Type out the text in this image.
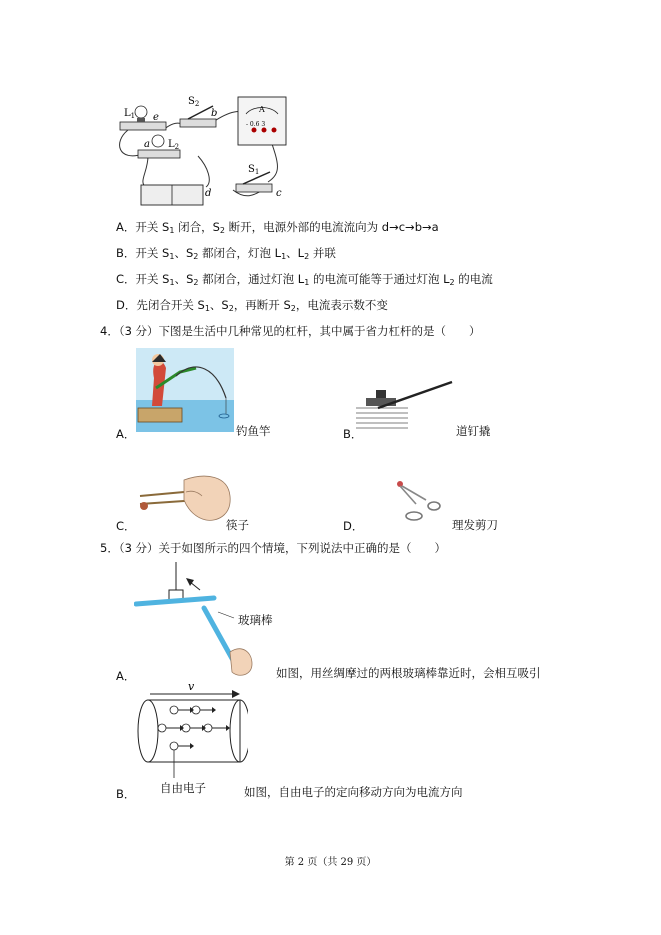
$L_1$ e
$S_2$
b	A
- 0.6 3
a $L_2$
d
$S_1$
c
A．开关 $S_1$ 闭合，$S_2$ 断开，电源外部的电流流向为 d→c→b→a
B．开关 $S_1$、$S_2$ 都闭合，灯泡 $L_1$、$L_2$ 并联
C．开关 $S_1$、$S_2$ 都闭合，通过灯泡 $L_1$ 的电流可能等于通过灯泡 $L_2$ 的电流
D．先闭合开关 $S_1$、$S_2$，再断开 $S_2$，电流表示数不变
4．（3 分）下图是生活中几种常见的杠杆，其中属于省力杠杆的是（　　）
A．	钓鱼竿	B．	道钉撬
C．	筷子	D．	理发剪刀
5．（3 分）关于如图所示的四个情境，下列说法中正确的是（　　）
玻璃棒
A．	如图，用丝绸摩过的两根玻璃棒靠近时，会相互吸引
v
自由电子
B．	如图，自由电子的定向移动方向为电流方向
第 2 页（共 29 页）
